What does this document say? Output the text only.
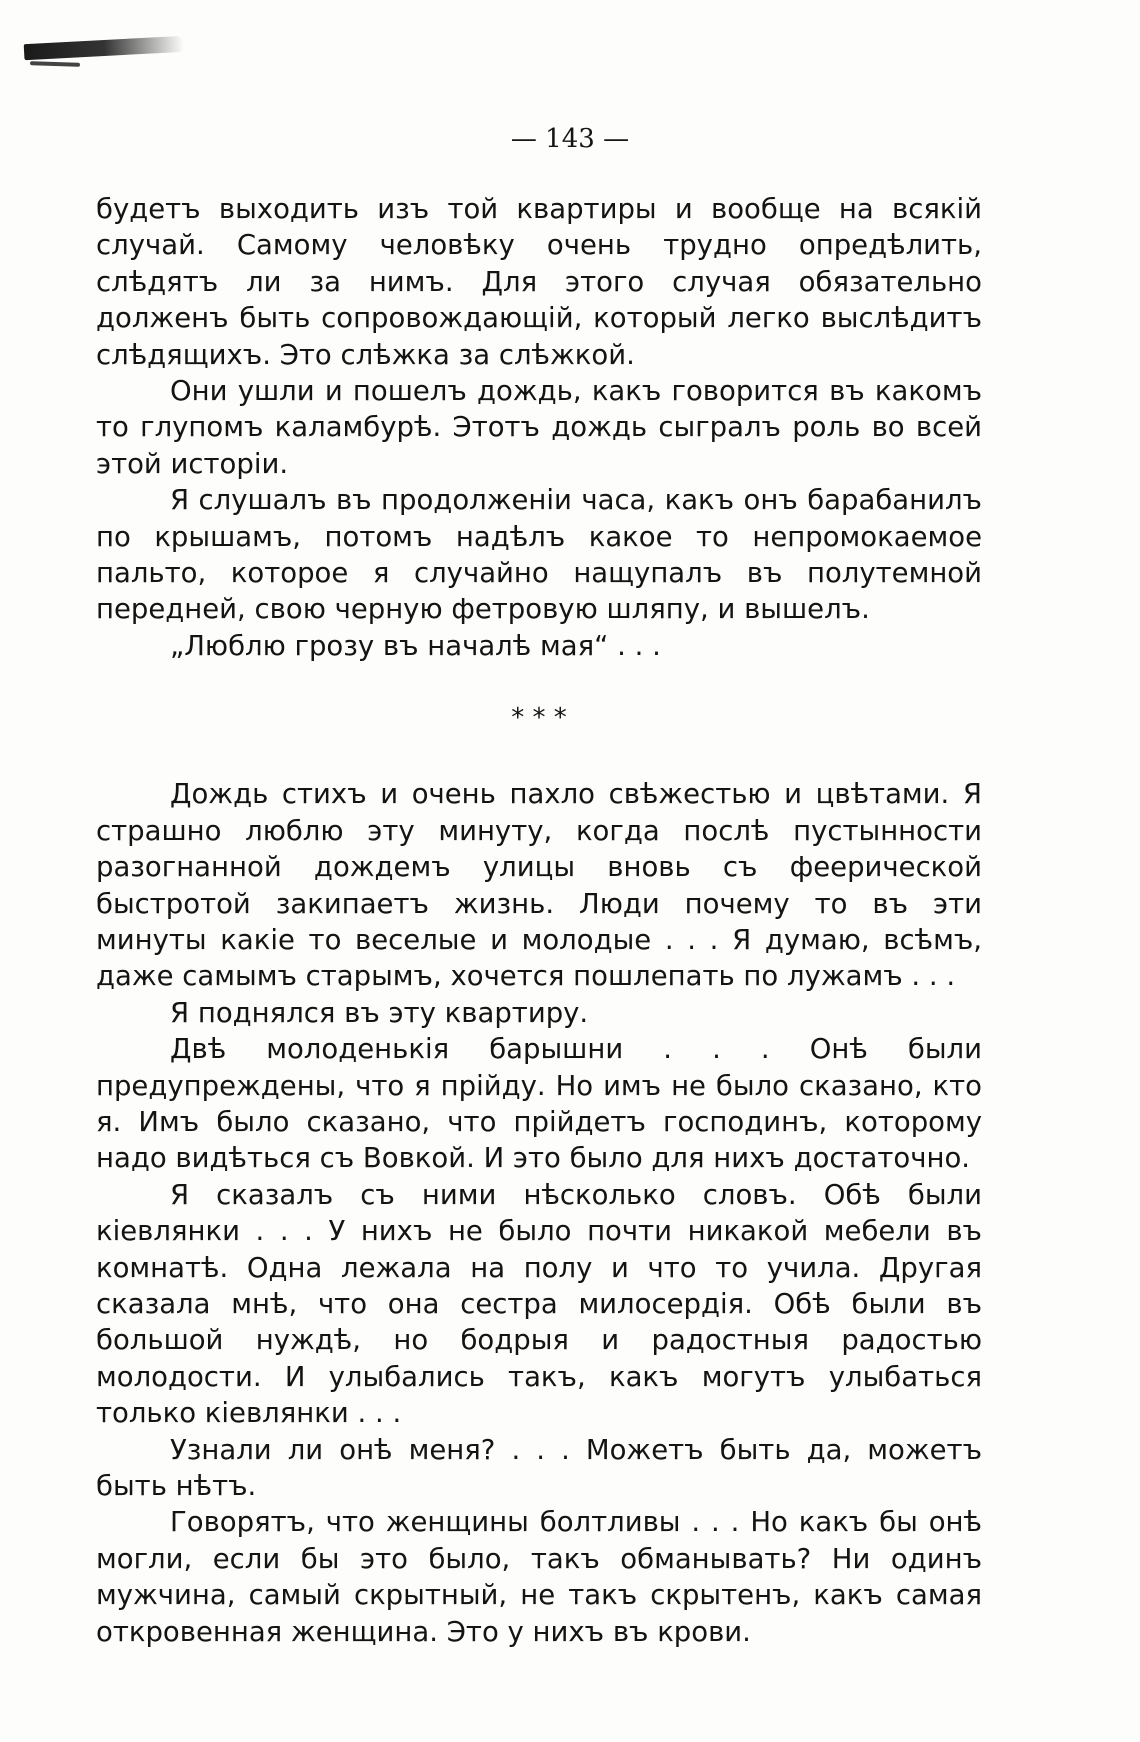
— 143 —

будетъ выходить изъ той квартиры и вообще на всякій случай. Самому человѣку очень трудно опредѣлить, слѣдятъ ли за нимъ. Для этого случая обязательно долженъ быть сопровождающій, который легко выслѣдитъ слѣдящихъ. Это слѣжка за слѣжкой.

Они ушли и пошелъ дождь, какъ говорится въ какомъ то глупомъ каламбурѣ. Этотъ дождь сыгралъ роль во всей этой исторіи.

Я слушалъ въ продолженіи часа, какъ онъ барабанилъ по крышамъ, потомъ надѣлъ какое то непромокаемое пальто, которое я случайно нащупалъ въ полутемной передней, свою черную фетровую шляпу, и вышелъ.

„Люблю грозу въ началѣ мая“ . . .

* * *

Дождь стихъ и очень пахло свѣжестью и цвѣтами. Я страшно люблю эту минуту, когда послѣ пустынности разогнанной дождемъ улицы вновь съ феерической быстротой закипаетъ жизнь. Люди почему то въ эти минуты какіе то веселые и молодые . . . Я думаю, всѣмъ, даже самымъ старымъ, хочется пошлепать по лужамъ . . .

Я поднялся въ эту квартиру.

Двѣ молоденькія барышни . . . Онѣ были предупреждены, что я прійду. Но имъ не было сказано, кто я. Имъ было сказано, что прійдетъ господинъ, которому надо видѣться съ Вовкой. И это было для нихъ достаточно.

Я сказалъ съ ними нѣсколько словъ. Обѣ были кіевлянки . . . У нихъ не было почти никакой мебели въ комнатѣ. Одна лежала на полу и что то учила. Другая сказала мнѣ, что она сестра милосердія. Обѣ были въ большой нуждѣ, но бодрыя и радостныя радостью молодости. И улыбались такъ, какъ могутъ улыбаться только кіевлянки . . .

Узнали ли онѣ меня? . . . Можетъ быть да, можетъ быть нѣтъ.

Говорятъ, что женщины болтливы . . . Но какъ бы онѣ могли, если бы это было, такъ обманывать? Ни одинъ мужчина, самый скрытный, не такъ скрытенъ, какъ самая откровенная женщина. Это у нихъ въ крови.
